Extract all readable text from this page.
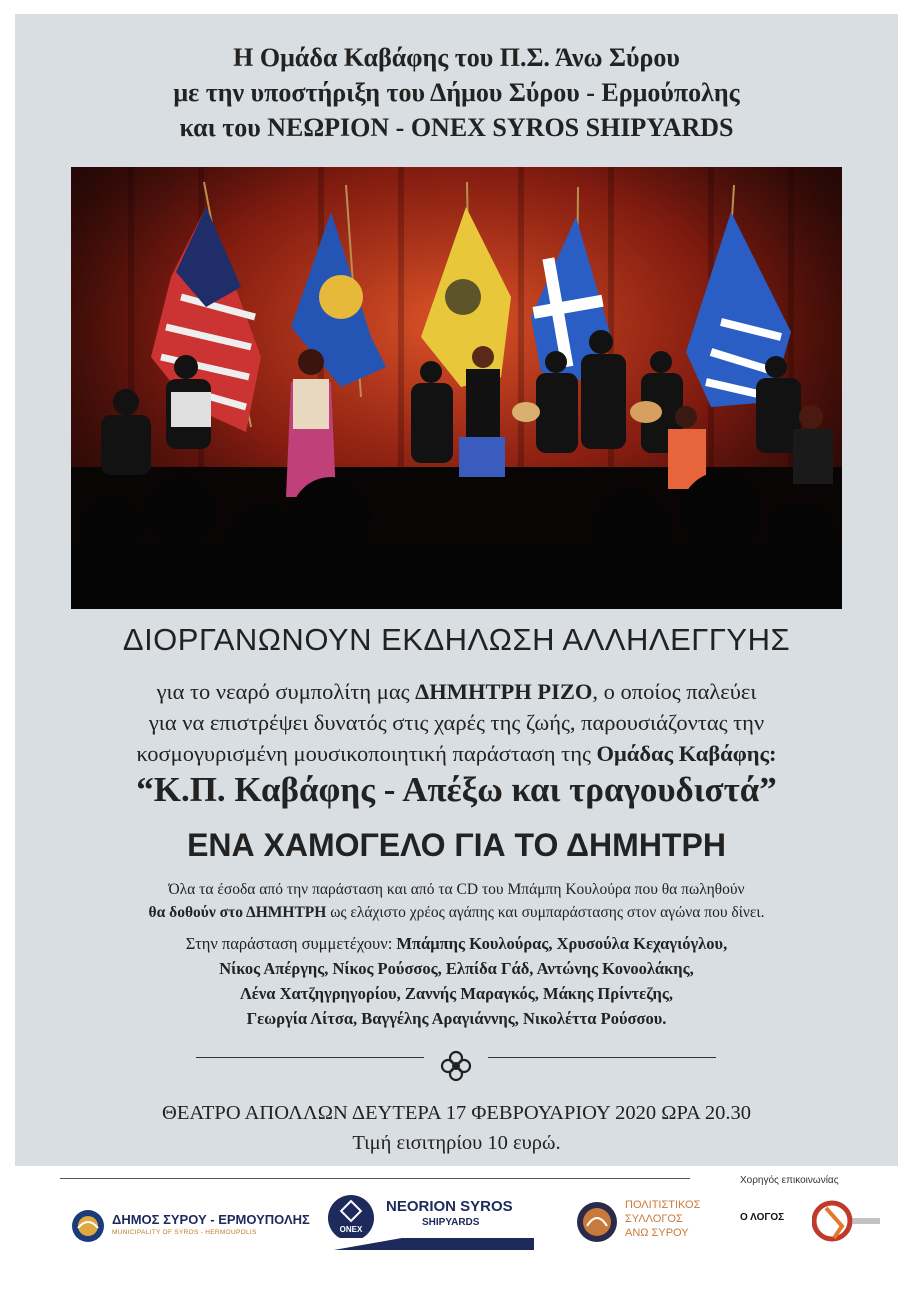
Η Ομάδα Καβάφης του Π.Σ. Άνω Σύρου
με την υποστήριξη του Δήμου Σύρου - Ερμούπολης
και του ΝΕΩΡΙΟΝ - ONEX SYROS SHIPYARDS
ΔΙΟΡΓΑΝΩΝΟΥΝ ΕΚΔΗΛΩΣΗ ΑΛΛΗΛΕΓΓΥΗΣ
για το νεαρό συμπολίτη μας ΔΗΜΗΤΡΗ ΡΙΖΟ, ο οποίος παλεύει
για να επιστρέψει δυνατός στις χαρές της ζωής, παρουσιάζοντας την
κοσμογυρισμένη μουσικοποιητική παράσταση της Ομάδας Καβάφης:
“Κ.Π. Καβάφης - Απέξω και τραγουδιστά”
ΕΝΑ ΧΑΜΟΓΕΛΟ ΓΙΑ ΤΟ ΔΗΜΗΤΡΗ
Όλα τα έσοδα από την παράσταση και από τα CD του Μπάμπη Κουλούρα που θα πωληθούν
θα δοθούν στο ΔΗΜΗΤΡΗ ως ελάχιστο χρέος αγάπης και συμπαράστασης στον αγώνα που δίνει.
Στην παράσταση συμμετέχουν: Μπάμπης Κουλούρας, Χρυσούλα Κεχαγιόγλου,
Νίκος Απέργης, Νίκος Ρούσσος, Ελπίδα Γάδ, Αντώνης Κονοολάκης,
Λένα Χατζηγρηγορίου, Ζαννής Μαραγκός, Μάκης Πρίντεζης,
Γεωργία Λίτσα, Βαγγέλης Αραγιάννης, Νικολέττα Ρούσσου.
ΘΕΑΤΡΟ ΑΠΟΛΛΩΝ ΔΕΥΤΕΡΑ 17 ΦΕΒΡΟΥΑΡΙΟΥ 2020 ΩΡΑ 20.30
Τιμή εισιτηρίου 10 ευρώ.
Χορηγός επικοινωνίας
ΔΗΜΟΣ ΣΥΡΟΥ - ΕΡΜΟΥΠΟΛΗΣ
MUNICIPALITY OF SYROS - HERMOUPOLIS	ONEX
NEORION SYROS
SHIPYARDS
ΠΟΛΙΤΙΣΤΙΚΟΣ
ΣΥΛΛΟΓΟΣ
ΑΝΩ ΣΥΡΟΥ
Ο ΛΟΓΟΣ
